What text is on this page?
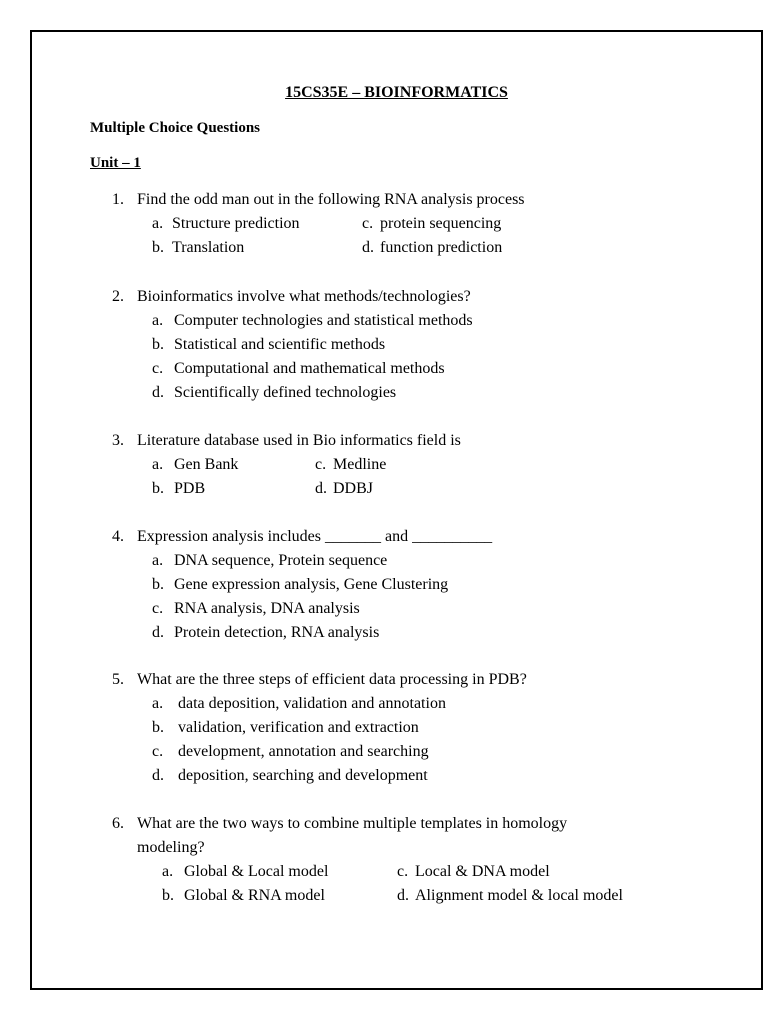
15CS35E – BIOINFORMATICS
Multiple Choice Questions
Unit – 1
1. Find the odd man out in the following RNA analysis process
a. Structure prediction	c. protein sequencing
b. Translation	d. function prediction
2. Bioinformatics involve what methods/technologies?
a. Computer technologies and statistical methods
b. Statistical and scientific methods
c. Computational and mathematical methods
d. Scientifically defined technologies
3. Literature database used in Bio informatics field is
a. Gen Bank	c. Medline
b. PDB	d. DDBJ
4. Expression analysis includes _______ and __________
a. DNA sequence, Protein sequence
b. Gene expression analysis, Gene Clustering
c. RNA analysis, DNA analysis
d. Protein detection, RNA analysis
5. What are the three steps of efficient data processing in PDB?
a. data deposition, validation and annotation
b. validation, verification and extraction
c. development, annotation and searching
d. deposition, searching and development
6. What are the two ways to combine multiple templates in homology modeling?
a. Global & Local model	c. Local & DNA model
b. Global & RNA model	d. Alignment model & local model
